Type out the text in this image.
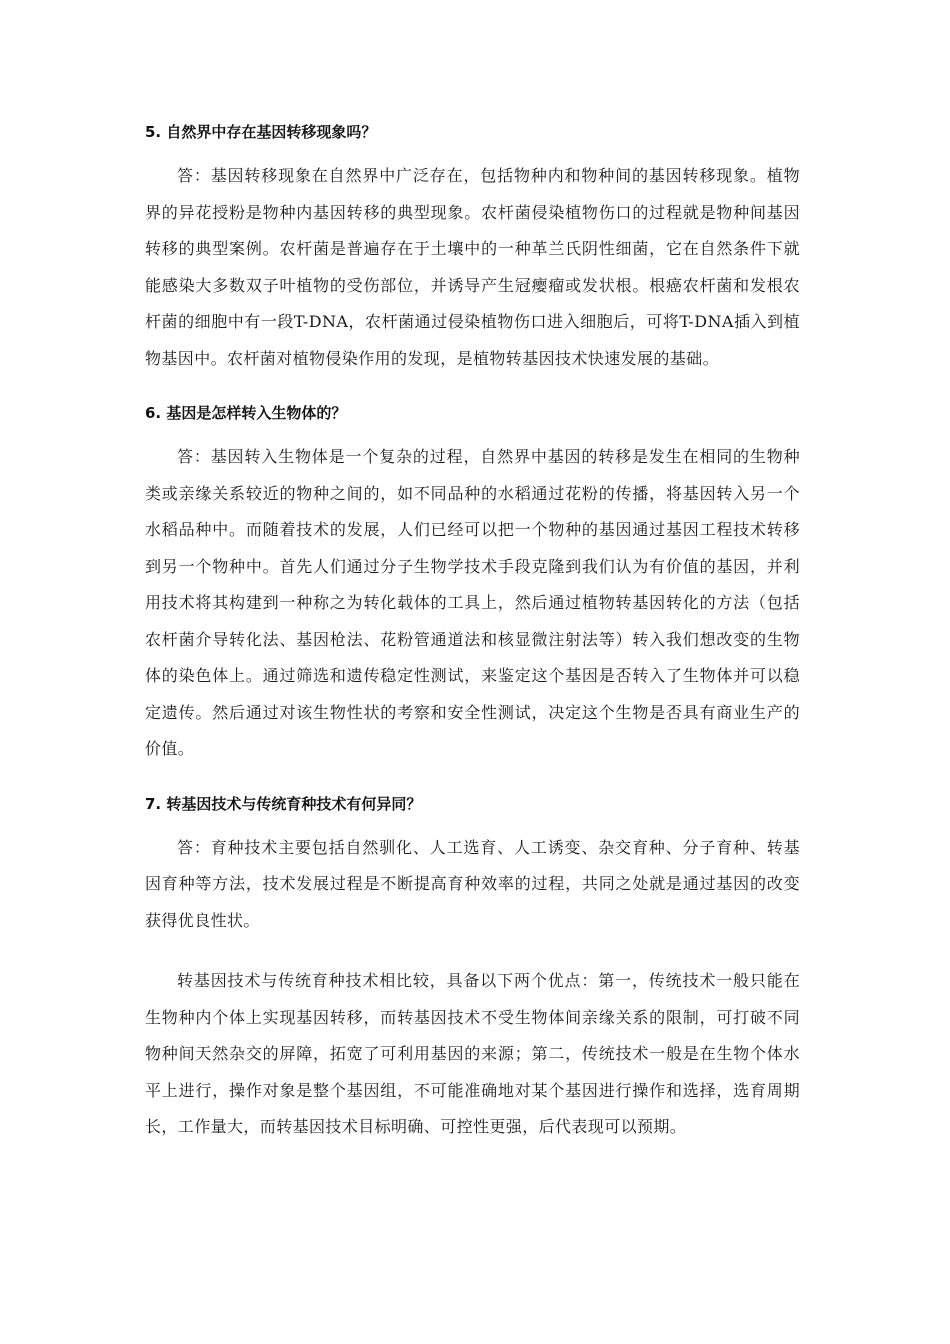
5. 自然界中存在基因转移现象吗？

答：基因转移现象在自然界中广泛存在，包括物种内和物种间的基因转移现象。植物界的异花授粉是物种内基因转移的典型现象。农杆菌侵染植物伤口的过程就是物种间基因转移的典型案例。农杆菌是普遍存在于土壤中的一种革兰氏阴性细菌，它在自然条件下就能感染大多数双子叶植物的受伤部位，并诱导产生冠瘿瘤或发状根。根癌农杆菌和发根农杆菌的细胞中有一段T-DNA，农杆菌通过侵染植物伤口进入细胞后，可将T-DNA插入到植物基因中。农杆菌对植物侵染作用的发现，是植物转基因技术快速发展的基础。

6. 基因是怎样转入生物体的？

答：基因转入生物体是一个复杂的过程，自然界中基因的转移是发生在相同的生物种类或亲缘关系较近的物种之间的，如不同品种的水稻通过花粉的传播，将基因转入另一个水稻品种中。而随着技术的发展，人们已经可以把一个物种的基因通过基因工程技术转移到另一个物种中。首先人们通过分子生物学技术手段克隆到我们认为有价值的基因，并利用技术将其构建到一种称之为转化载体的工具上，然后通过植物转基因转化的方法（包括农杆菌介导转化法、基因枪法、花粉管通道法和核显微注射法等）转入我们想改变的生物体的染色体上。通过筛选和遗传稳定性测试，来鉴定这个基因是否转入了生物体并可以稳定遗传。然后通过对该生物性状的考察和安全性测试，决定这个生物是否具有商业生产的价值。

7. 转基因技术与传统育种技术有何异同？

答：育种技术主要包括自然驯化、人工选育、人工诱变、杂交育种、分子育种、转基因育种等方法，技术发展过程是不断提高育种效率的过程，共同之处就是通过基因的改变获得优良性状。

转基因技术与传统育种技术相比较，具备以下两个优点：第一，传统技术一般只能在生物种内个体上实现基因转移，而转基因技术不受生物体间亲缘关系的限制，可打破不同物种间天然杂交的屏障，拓宽了可利用基因的来源；第二，传统技术一般是在生物个体水平上进行，操作对象是整个基因组，不可能准确地对某个基因进行操作和选择，选育周期长，工作量大，而转基因技术目标明确、可控性更强，后代表现可以预期。
